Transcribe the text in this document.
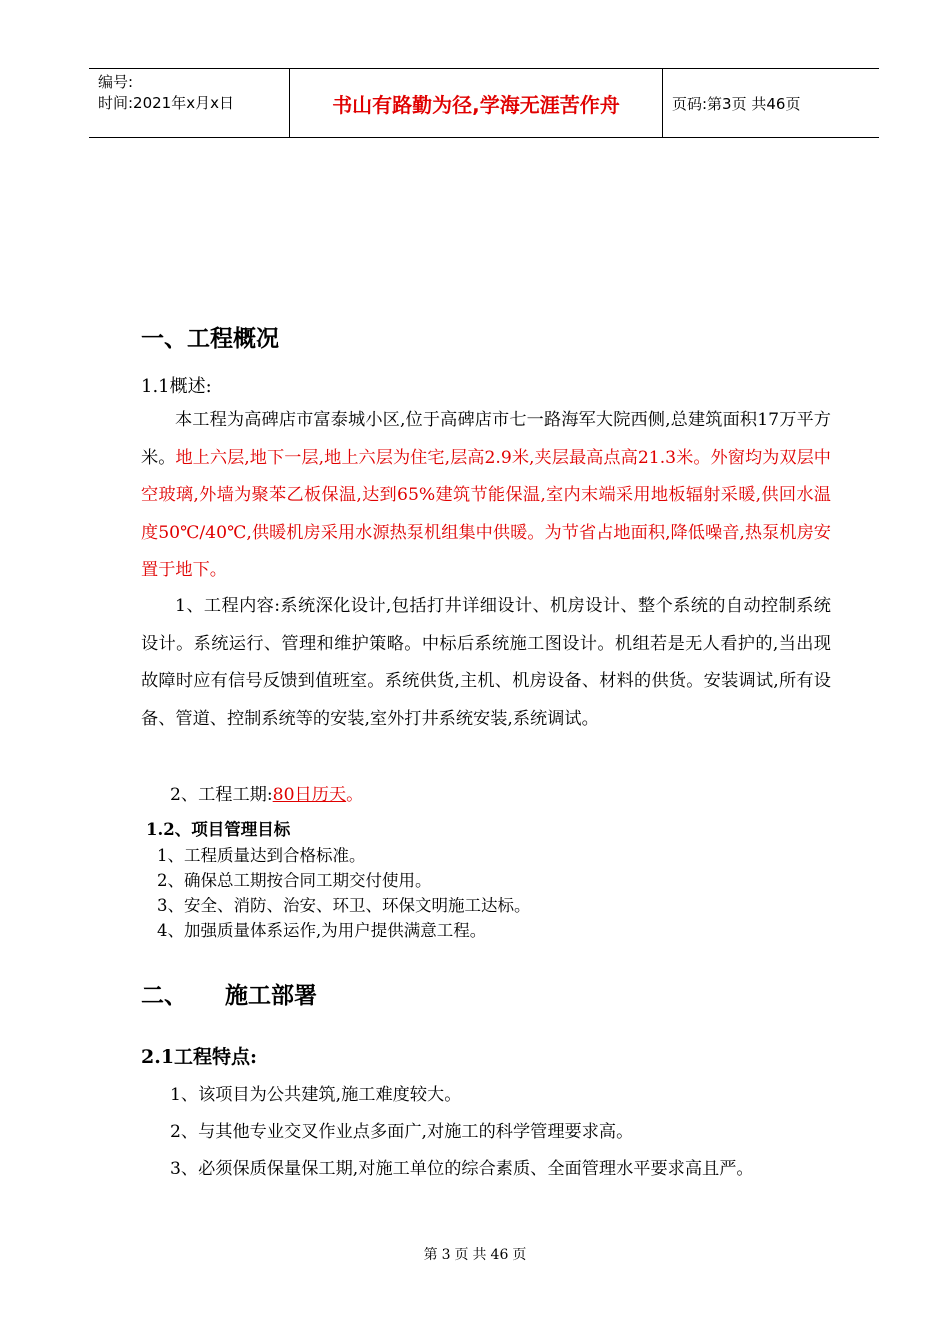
编号:
时间:2021年x月x日	书山有路勤为径,学海无涯苦作舟	页码:第3页 共46页
一、工程概况
1.1概述:
本工程为高碑店市富泰城小区,位于高碑店市七一路海军大院西侧,总建筑面积17万平方米。地上六层,地下一层,地上六层为住宅,层高2.9米,夹层最高点高21.3米。外窗均为双层中空玻璃,外墙为聚苯乙板保温,达到65%建筑节能保温,室内末端采用地板辐射采暖,供回水温度50℃/40℃,供暖机房采用水源热泵机组集中供暖。为节省占地面积,降低噪音,热泵机房安置于地下。
1、工程内容:系统深化设计,包括打井详细设计、机房设计、整个系统的自动控制系统设计。系统运行、管理和维护策略。中标后系统施工图设计。机组若是无人看护的,当出现故障时应有信号反馈到值班室。系统供货,主机、机房设备、材料的供货。安装调试,所有设备、管道、控制系统等的安装,室外打井系统安装,系统调试。
2、工程工期:80日历天。
1.2、项目管理目标
1、工程质量达到合格标准。
2、确保总工期按合同工期交付使用。
3、安全、消防、治安、环卫、环保文明施工达标。
4、加强质量体系运作,为用户提供满意工程。
二、 施工部署
2.1工程特点:
1、该项目为公共建筑,施工难度较大。
2、与其他专业交叉作业点多面广,对施工的科学管理要求高。
3、必须保质保量保工期,对施工单位的综合素质、全面管理水平要求高且严。
第 3 页 共 46 页
